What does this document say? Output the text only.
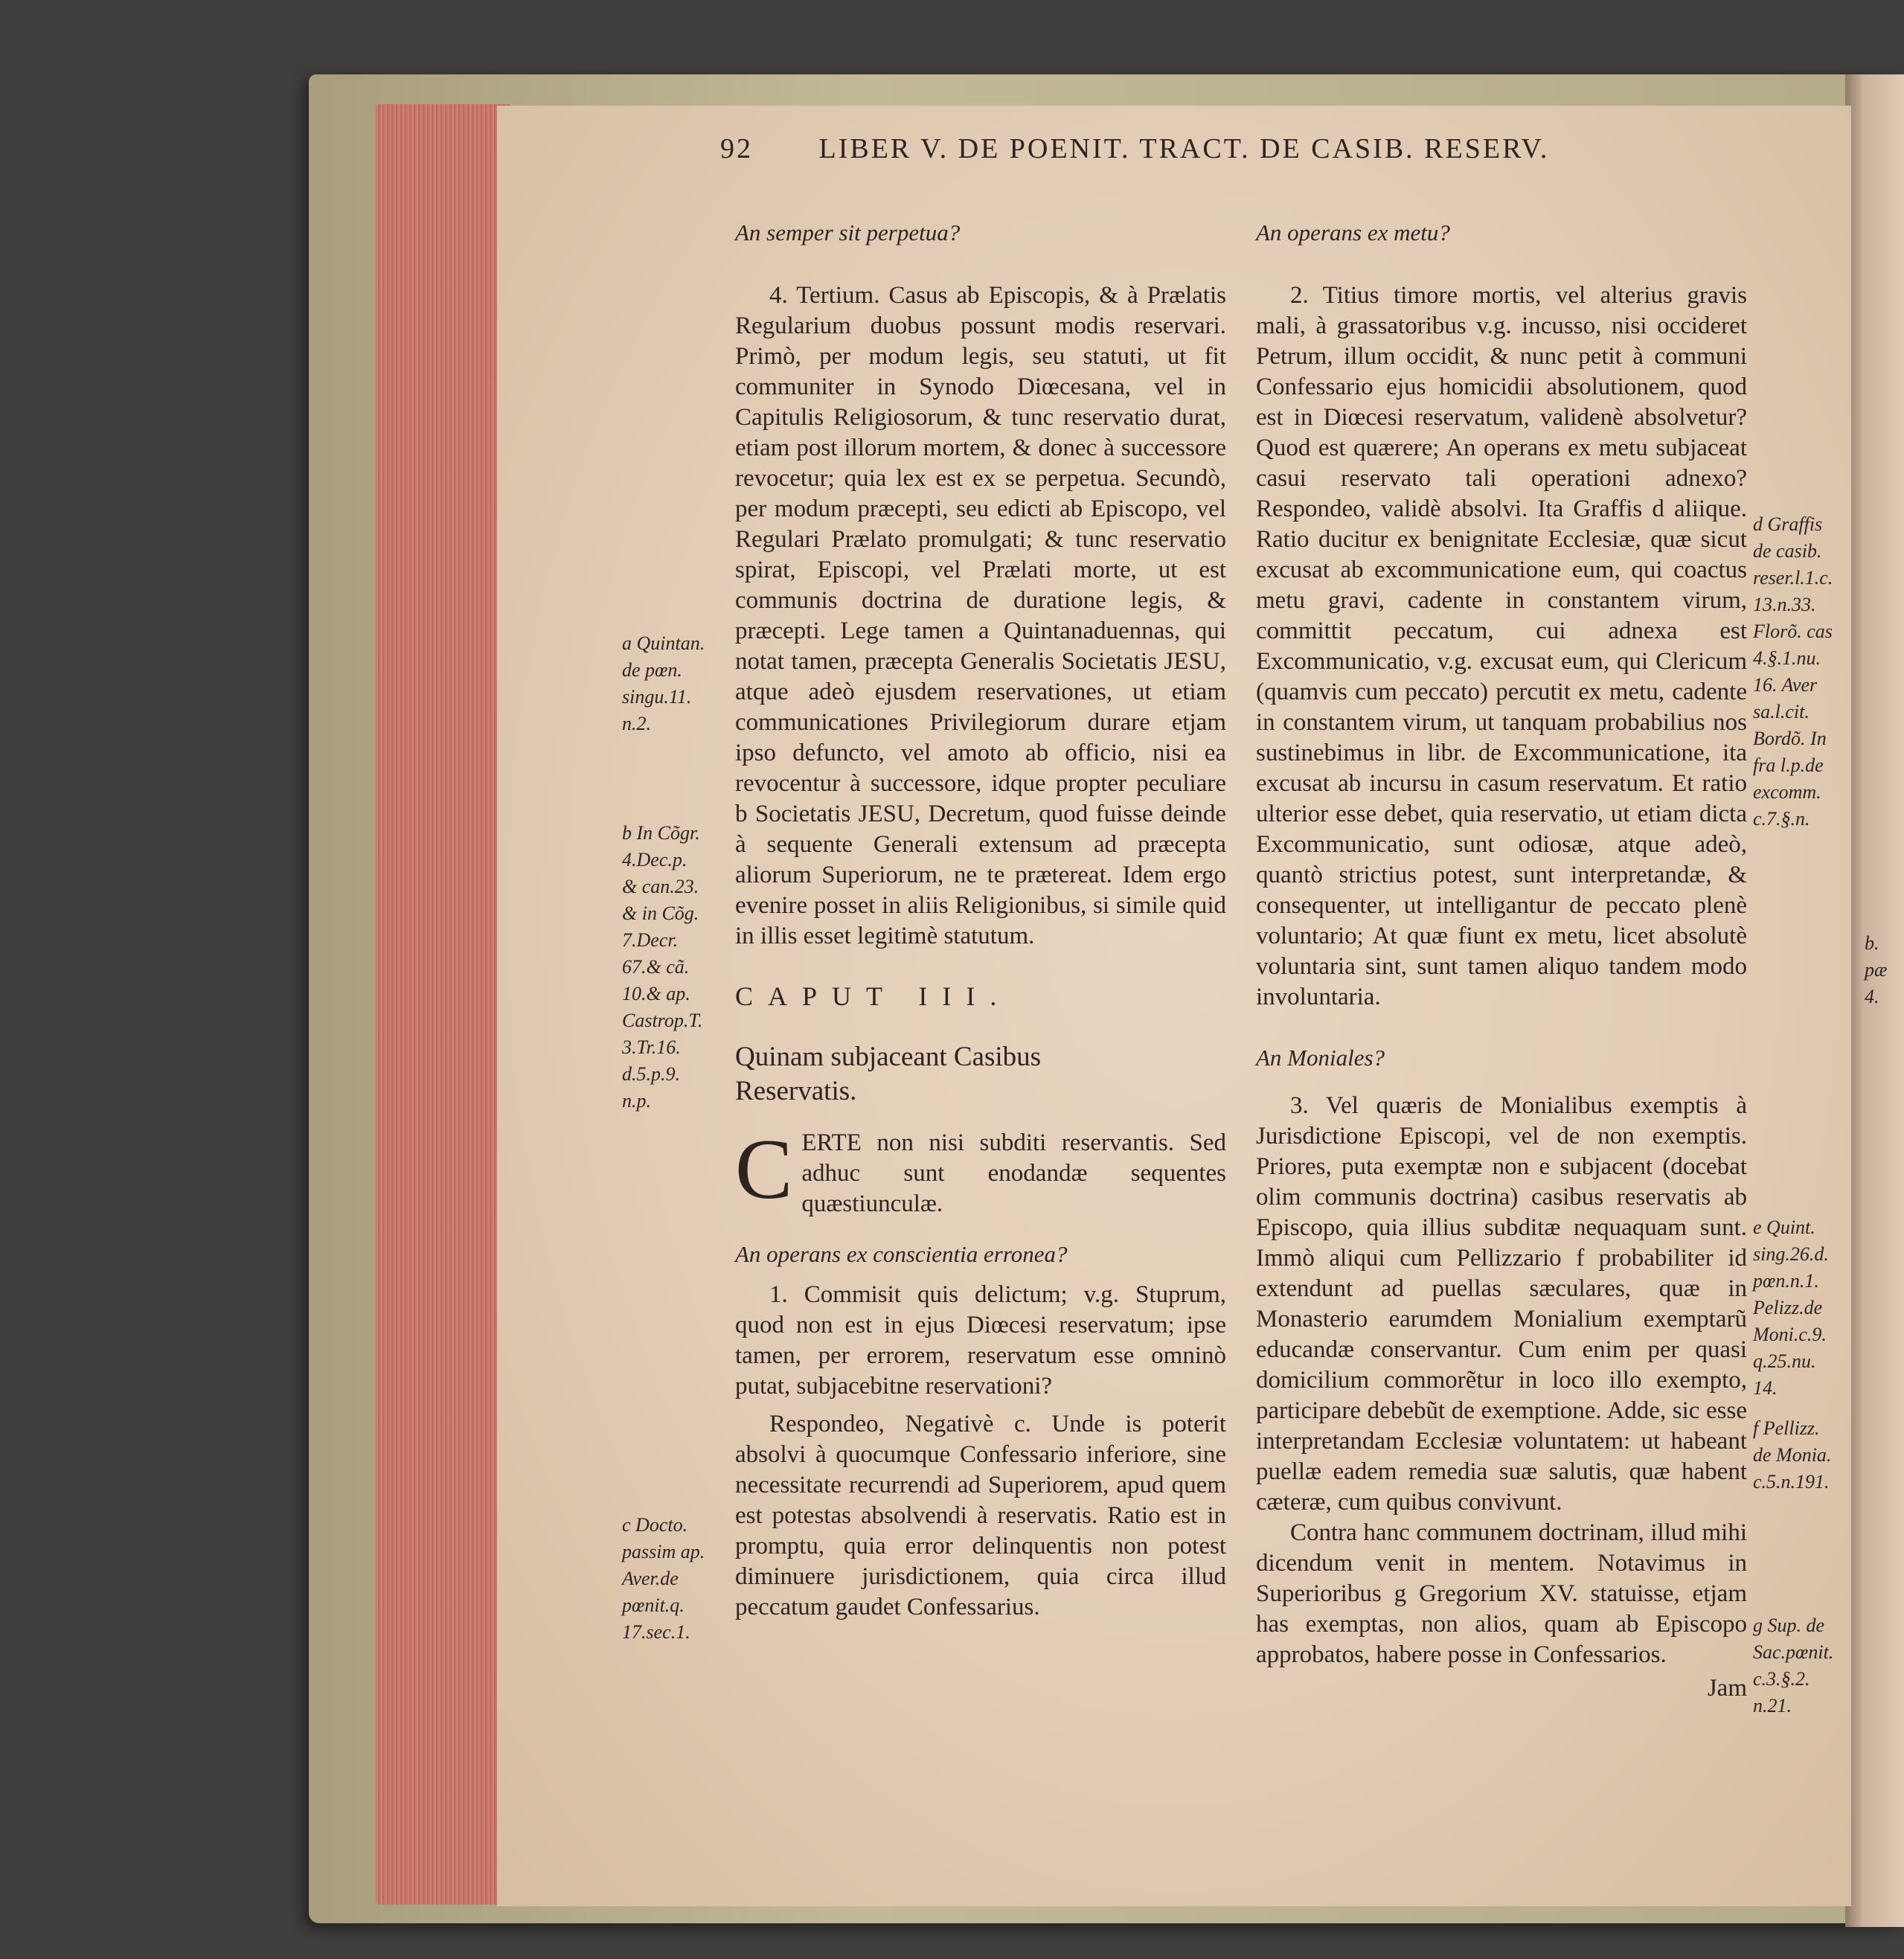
b.
pæ
4.
92 LIBER V. DE POENIT. TRACT. DE CASIB. RESERV.

An semper sit perpetua?

4. Tertium. Casus ab Episcopis, & à Prælatis Regularium duobus possunt modis reservari. Primò, per modum legis, seu statuti, ut fit communiter in Synodo Diœcesana, vel in Capitulis Religiosorum, & tunc reservatio durat, etiam post illorum mortem, & donec à successore revocetur; quia lex est ex se perpetua. Secundò, per modum præcepti, seu edicti ab Episcopo, vel Regulari Prælato promulgati; & tunc reservatio spirat, Episcopi, vel Prælati morte, ut est communis doctrina de duratione legis, & præcepti. Lege tamen a Quintanaduennas, qui notat tamen, præcepta Generalis Societatis JESU, atque adeò ejusdem reservationes, ut etiam communicationes Privilegiorum durare etjam ipso defuncto, vel amoto ab officio, nisi ea revocentur à successore, idque propter peculiare b Societatis JESU, Decretum, quod fuisse deinde à sequente Generali extensum ad præcepta aliorum Superiorum, ne te prætereat. Idem ergo evenire posset in aliis Religionibus, si simile quid in illis esset legitimè statutum.

CAPUT III.

Quinam subjaceant Casibus
Reservatis.

C ERTE non nisi subditi reservantis. Sed adhuc sunt enodandæ sequentes quæstiunculæ.

An operans ex conscientia erronea?

1. Commisit quis delictum; v.g. Stuprum, quod non est in ejus Diœcesi reservatum; ipse tamen, per errorem, reservatum esse omninò putat, subjacebitne reservationi?

Respondeo, Negativè c. Unde is poterit absolvi à quocumque Confessario inferiore, sine necessitate recurrendi ad Superiorem, apud quem est potestas absolvendi à reservatis. Ratio est in promptu, quia error delinquentis non potest diminuere jurisdictionem, quia circa illud peccatum gaudet Confessarius.

An operans ex metu?

2. Titius timore mortis, vel alterius gravis mali, à grassatoribus v.g. incusso, nisi occideret Petrum, illum occidit, & nunc petit à communi Confessario ejus homicidii absolutionem, quod est in Diœcesi reservatum, validenè absolvetur? Quod est quærere; An operans ex metu subjaceat casui reservato tali operationi adnexo? Respondeo, validè absolvi. Ita Graffis d aliique. Ratio ducitur ex benignitate Ecclesiæ, quæ sicut excusat ab excommunicatione eum, qui coactus metu gravi, cadente in constantem virum, committit peccatum, cui adnexa est Excommunicatio, v.g. excusat eum, qui Clericum (quamvis cum peccato) percutit ex metu, cadente in constantem virum, ut tanquam probabilius nos sustinebimus in libr. de Excommunicatione, ita excusat ab incursu in casum reservatum. Et ratio ulterior esse debet, quia reservatio, ut etiam dicta Excommunicatio, sunt odiosæ, atque adeò, quantò strictius potest, sunt interpretandæ, & consequenter, ut intelligantur de peccato plenè voluntario; At quæ fiunt ex metu, licet absolutè voluntaria sint, sunt tamen aliquo tandem modo involuntaria.

An Moniales?

3. Vel quæris de Monialibus exemptis à Jurisdictione Episcopi, vel de non exemptis. Priores, puta exemptæ non e subjacent (docebat olim communis doctrina) casibus reservatis ab Episcopo, quia illius subditæ nequaquam sunt. Immò aliqui cum Pellizzario f probabiliter id extendunt ad puellas sæculares, quæ in Monasterio earumdem Monialium exemptarũ educandæ conservantur. Cum enim per quasi domicilium commorẽtur in loco illo exempto, participare debebũt de exemptione. Adde, sic esse interpretandam Ecclesiæ voluntatem: ut habeant puellæ eadem remedia suæ salutis, quæ habent cæteræ, cum quibus convivunt.

Contra hanc communem doctrinam, illud mihi dicendum venit in mentem. Notavimus in Superioribus g Gregorium XV. statuisse, etjam has exemptas, non alios, quam ab Episcopo approbatos, habere posse in Confessarios.

Jam

a Quintan.
de pœn.
singu.11.
n.2.
b In Cõgr.
4.Dec.p.
& can.23.
& in Cõg.
7.Decr.
67.& cã.
10.& ap.
Castrop.T.
3.Tr.16.
d.5.p.9.
n.p.
c Docto.
passim ap.
Aver.de
pœnit.q.
17.sec.1.
d Graffis
de casib.
reser.l.1.c.
13.n.33.
Florõ. cas
4.§.1.nu.
16. Aver
sa.l.cit.
Bordõ. In
fra l.p.de
excomm.
c.7.§.n.
e Quint.
sing.26.d.
pœn.n.1.
Pelizz.de
Moni.c.9.
q.25.nu.
14.
f Pellizz.
de Monia.
c.5.n.191.
g Sup. de
Sac.pœnit.
c.3.§.2.
n.21.
